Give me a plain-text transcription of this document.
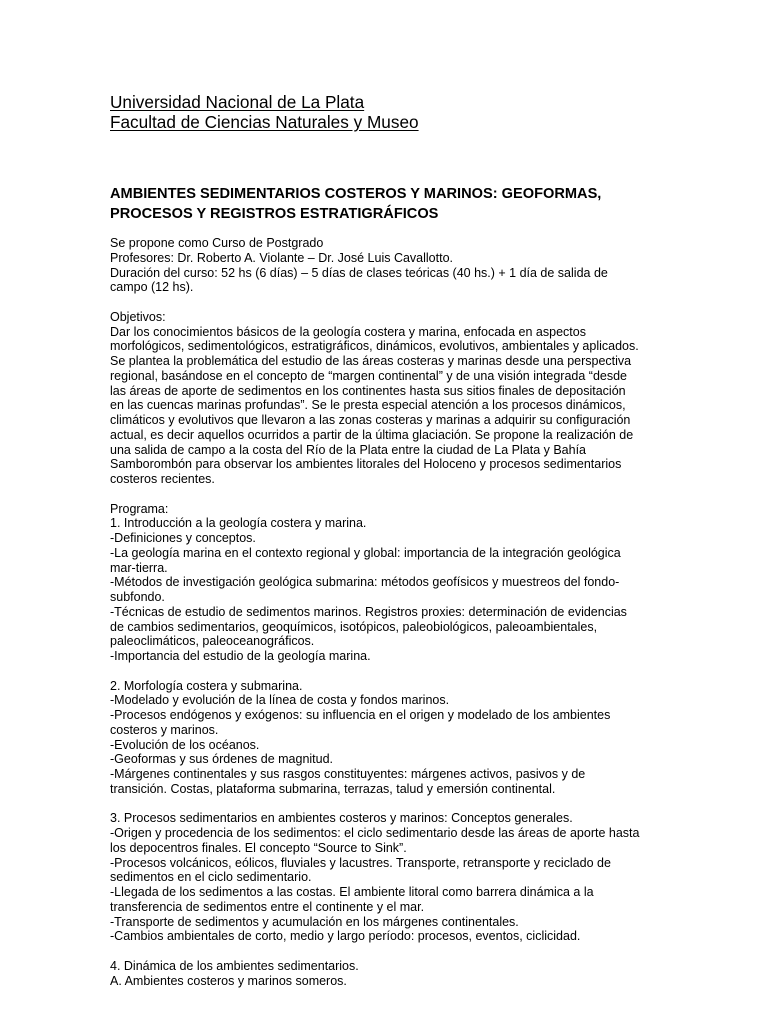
Universidad Nacional de La Plata
Facultad de Ciencias Naturales y Museo
AMBIENTES SEDIMENTARIOS COSTEROS Y MARINOS: GEOFORMAS,
PROCESOS Y REGISTROS ESTRATIGRÁFICOS
Se propone como Curso de Postgrado
Profesores: Dr. Roberto A. Violante – Dr. José Luis Cavallotto.
Duración del curso: 52 hs (6 días) – 5 días de clases teóricas (40 hs.) + 1 día de salida de
campo (12 hs).
Objetivos:
Dar los conocimientos básicos de la geología costera y marina, enfocada en aspectos
morfológicos, sedimentológicos, estratigráficos, dinámicos, evolutivos, ambientales y aplicados.
Se plantea la problemática del estudio de las áreas costeras y marinas desde una perspectiva
regional, basándose en el concepto de “margen continental” y de una visión integrada “desde
las áreas de aporte de sedimentos en los continentes hasta sus sitios finales de depositación
en las cuencas marinas profundas”. Se le presta especial atención a los procesos dinámicos,
climáticos y evolutivos que llevaron a las zonas costeras y marinas a adquirir su configuración
actual, es decir aquellos ocurridos a partir de la última glaciación. Se propone la realización de
una salida de campo a la costa del Río de la Plata entre la ciudad de La Plata y Bahía
Samborombón para observar los ambientes litorales del Holoceno y procesos sedimentarios
costeros recientes.
Programa:
1. Introducción a la geología costera y marina.
-Definiciones y conceptos.
-La geología marina en el contexto regional y global: importancia de la integración geológica
mar-tierra.
-Métodos de investigación geológica submarina: métodos geofísicos y muestreos del fondo-
subfondo.
-Técnicas de estudio de sedimentos marinos. Registros proxies: determinación de evidencias
de cambios sedimentarios, geoquímicos, isotópicos, paleobiológicos, paleoambientales,
paleoclimáticos, paleoceanográficos.
-Importancia del estudio de la geología marina.
2. Morfología costera y submarina.
-Modelado y evolución de la línea de costa y fondos marinos.
-Procesos endógenos y exógenos: su influencia en el origen y modelado de los ambientes
costeros y marinos.
-Evolución de los océanos.
-Geoformas y sus órdenes de magnitud.
-Márgenes continentales y sus rasgos constituyentes: márgenes activos, pasivos y de
transición. Costas, plataforma submarina, terrazas, talud y emersión continental.
3. Procesos sedimentarios en ambientes costeros y marinos: Conceptos generales.
-Origen y procedencia de los sedimentos: el ciclo sedimentario desde las áreas de aporte hasta
los depocentros finales. El concepto “Source to Sink”.
-Procesos volcánicos, eólicos, fluviales y lacustres. Transporte, retransporte y reciclado de
sedimentos en el ciclo sedimentario.
-Llegada de los sedimentos a las costas. El ambiente litoral como barrera dinámica a la
transferencia de sedimentos entre el continente y el mar.
-Transporte de sedimentos y acumulación en los márgenes continentales.
-Cambios ambientales de corto, medio y largo período: procesos, eventos, ciclicidad.
4. Dinámica de los ambientes sedimentarios.
A. Ambientes costeros y marinos someros.
